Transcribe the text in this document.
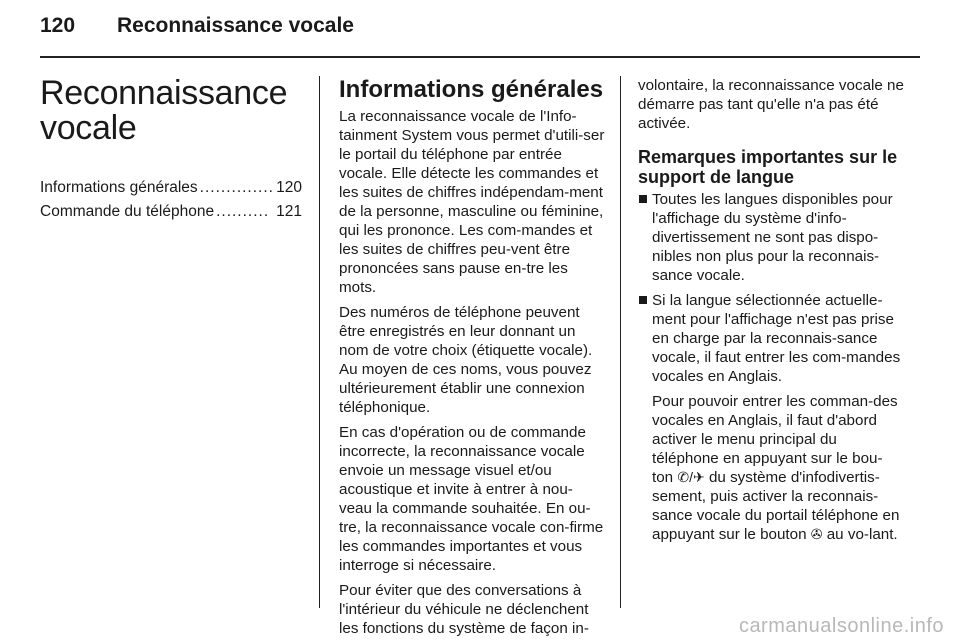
120 Reconnaissance vocale
Reconnaissance
vocale
Informations générales .............. 120
Commande du téléphone .......... 121
Informations générales

La reconnaissance vocale de l'Info-tainment System vous permet d'utili-ser le portail du téléphone par entrée vocale. Elle détecte les commandes et les suites de chiffres indépendam-ment de la personne, masculine ou féminine, qui les prononce. Les com-mandes et les suites de chiffres peu-vent être prononcées sans pause en-tre les mots.

Des numéros de téléphone peuvent être enregistrés en leur donnant un nom de votre choix (étiquette vocale). Au moyen de ces noms, vous pouvez ultérieurement établir une connexion téléphonique.

En cas d'opération ou de commande incorrecte, la reconnaissance vocale envoie un message visuel et/ou acoustique et invite à entrer à nou-veau la commande souhaitée. En ou-tre, la reconnaissance vocale con-firme les commandes importantes et vous interroge si nécessaire.

Pour éviter que des conversations à l'intérieur du véhicule ne déclenchent les fonctions du système de façon in-

volontaire, la reconnaissance vocale ne démarre pas tant qu'elle n'a pas été activée.

Remarques importantes sur le support de langue

Toutes les langues disponibles pour l'affichage du système d'info-divertissement ne sont pas dispo-nibles non plus pour la reconnais-sance vocale.

Si la langue sélectionnée actuelle-ment pour l'affichage n'est pas prise en charge par la reconnais-sance vocale, il faut entrer les com-mandes vocales en Anglais.

Pour pouvoir entrer les comman-des vocales en Anglais, il faut d'abord activer le menu principal du téléphone en appuyant sur le bou- ton ✆/✈ du système d'infodivertis-sement, puis activer la reconnais-sance vocale du portail téléphone en appuyant sur le bouton ✇ au vo-lant.

carmanualsonline.info
